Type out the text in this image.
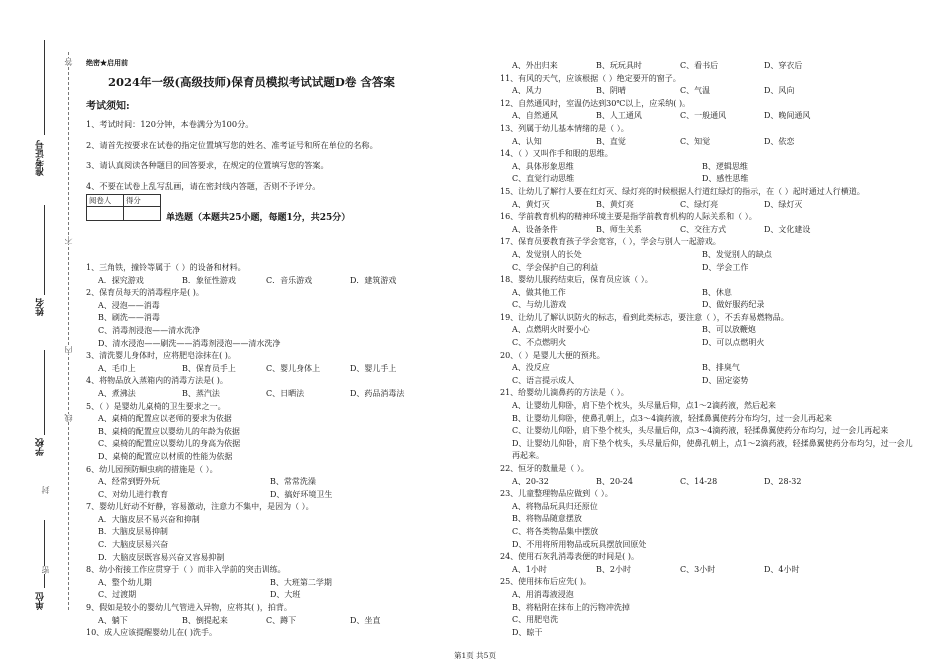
准考证号
姓名
学校
单位
答
不
内
线
封
密
绝密★启用前
2024年一级(高级技师)保育员模拟考试试题D卷 含答案
考试须知:
1、考试时间：120分钟，本卷满分为100分。
2、请首先按要求在试卷的指定位置填写您的姓名、准考证号和所在单位的名称。
3、请认真阅读各种题目的回答要求，在规定的位置填写您的答案。
4、不要在试卷上乱写乱画，请在密封线内答题，否则不予评分。
阅卷人	得分

单选题（本题共25小题，每题1分，共25分）
1、三角铁，撞铃等属于（ ）的设备和材料。
A．探究游戏	B．象征性游戏	C．音乐游戏	D．建筑游戏
2、保育员每天的消毒程序是( )。
A、浸泡——消毒
B、刷洗——消毒
C、消毒剂浸泡——清水洗净
D、清水浸泡——刷洗——消毒剂浸泡——清水洗净
3、清洗婴儿身体时，应将肥皂涂抹在( )。
A、毛巾上	B、保育员手上	C、婴儿身体上	D、婴儿手上
4、将物品放入蒸箱内的消毒方法是( )。
A、煮沸法	B、蒸汽法	C、日晒法	D、药品消毒法
5、（ ）是婴幼儿桌椅的卫生要求之一。
A、桌椅的配置应以老师的要求为依据
B、桌椅的配置应以婴幼儿的年龄为依据
C、桌椅的配置应以婴幼儿的身高为依据
D、桌椅的配置应以材质的性能为依据
6、幼儿园预防蛔虫病的措施是（ ）。
A、经常到野外玩	B、常常洗澡
C、对幼儿进行教育	D、搞好环境卫生
7、婴幼儿好动不好静，容易激动，注意力不集中，是因为（ ）。
A．大脑皮层不易兴奋和抑制
B．大脑皮层易抑制
C．大脑皮层易兴奋
D．大脑皮层既容易兴奋又容易抑制
8、幼小衔接工作应贯穿于（ ）而非入学前的突击训练。
A、整个幼儿期	B、大班第二学期
C、过渡期	D、大班
9、假如是较小的婴幼儿气管进入异物，应将其( )，拍背。
A、躺下	B、倒提起来	C、蹲下	D、坐直
10、成人应该提醒婴幼儿在( )洗手。
A、外出归来	B、玩玩具时	C、看书后	D、穿衣后
11、有风的天气，应该根据（ ）绝定要开的窗子。
A、风力	B、阴晴	C、气温	D、风向
12、自然通风时，室温仍达到30℃以上，应采纳( )。
A、自然通风	B、人工通风	C、一般通风	D、晚间通风
13、列属于幼儿基本情绪的是（ ）。
A、认知	B、直觉	C、知觉	D、依恋
14、（ ）又叫作手和眼的思维。
A、具体形象思维	B、逻辑思维
C、直觉行动思维	D、感性思维
15、让幼儿了解行人要在红灯灭、绿灯亮的时候根据人行道红绿灯的指示，在（ ）起时通过人行横道。
A、黄灯灭	B、黄灯亮	C、绿灯亮	D、绿灯灭
16、学前教育机构的精神环境主要是指学前教育机构的人际关系和（ ）。
A、设备条件	B、师生关系	C、交往方式	D、文化建设
17、保育员要教育孩子学会宽容，（ ），学会与别人一起游戏。
A、发觉别人的长处	B、发觉别人的缺点
C、学会保护自己的利益	D、学会工作
18、婴幼儿服药结束后，保育员应该（ ）。
A、做其他工作	B、休息
C、与幼儿游戏	D、做好服药纪录
19、让幼儿了解认识防火的标志，看到此类标志，要注意（ ），不丢弃易燃物品。
A、点燃明火时要小心	B、可以放鞭炮
C、不点燃明火	D、可以点燃明火
20、（ ）是婴儿大便的预兆。
A、没反应	B、排臭气
C、语言提示成人	D、固定姿势
21、给婴幼儿滴鼻药的方法是（ ）。
A、让婴幼儿仰卧，肩下垫个枕头，头尽量后仰，点1～2滴药液，然后起来
B、让婴幼儿仰卧，使鼻孔朝上，点3～4滴药液，轻揉鼻翼使药分布均匀，过一会儿再起来
C、让婴幼儿仰卧，肩下垫个枕头，头尽量后仰，点3～4滴药液，轻揉鼻翼使药分布均匀，过一会儿再起来
D、让婴幼儿仰卧，肩下垫个枕头，头尽量后仰，使鼻孔朝上，点1～2滴药液，轻揉鼻翼使药分布均匀，过一会儿再起来。
22、恒牙的数量是（ ）。
A、20-32	B、20-24	C、14-28	D、28-32
23、儿童整理物品应做到（ ）。
A、将物品玩具归还原位
B、将物品随意摆放
C、将各类物品集中摆放
D、不用将所用物品或玩具摆放回原处
24、使用石灰乳消毒表便的时间是( )。
A、1小时	B、2小时	C、3小时	D、4小时
25、使用抹布后应先( )。
A、用消毒液浸泡
B、将粘附在抹布上的污物冲洗掉
C、用肥皂洗
D、晾干
第1页 共5页
